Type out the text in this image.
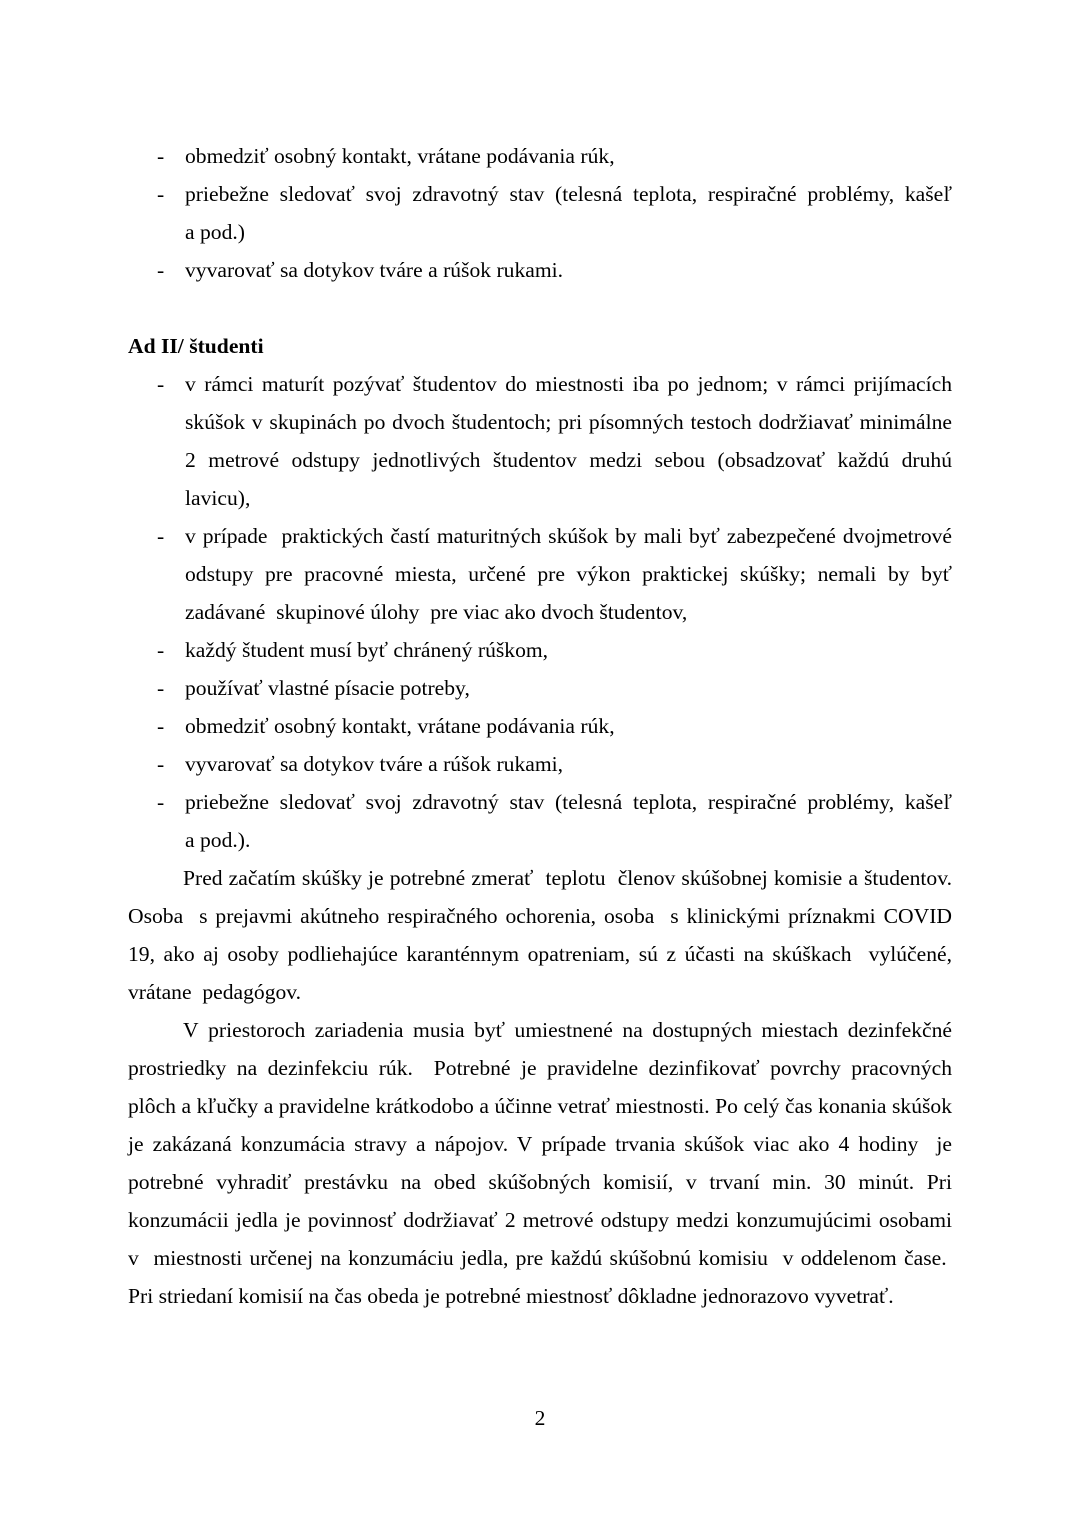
- obmedziť osobný kontakt, vrátane podávania rúk,
- priebežne sledovať svoj zdravotný stav (telesná teplota, respiračné problémy, kašeľ a pod.)
- vyvarovať sa dotykov tváre a rúšok rukami.
Ad II/ študenti
- v rámci maturít pozývať študentov do miestnosti iba po jednom; v rámci prijímacích skúšok v skupinách po dvoch študentoch; pri písomných testoch dodržiavať minimálne 2 metrové odstupy jednotlivých študentov medzi sebou (obsadzovať každú druhú lavicu),
- v prípade  praktických častí maturitných skúšok by mali byť zabezpečené dvojmetrové odstupy pre pracovné miesta, určené pre výkon praktickej skúšky; nemali by byť zadávané  skupinové úlohy  pre viac ako dvoch študentov,
- každý študent musí byť chránený rúškom,
- používať vlastné písacie potreby,
- obmedziť osobný kontakt, vrátane podávania rúk,
- vyvarovať sa dotykov tváre a rúšok rukami,
- priebežne sledovať svoj zdravotný stav (telesná teplota, respiračné problémy, kašeľ a pod.).

Pred začatím skúšky je potrebné zmerať  teplotu  členov skúšobnej komisie a študentov. Osoba  s prejavmi akútneho respiračného ochorenia, osoba  s klinickými príznakmi COVID 19, ako aj osoby podliehajúce karanténnym opatreniam, sú z účasti na skúškach  vylúčené, vrátane  pedagógov.

V priestoroch zariadenia musia byť umiestnené na dostupných miestach dezinfekčné prostriedky na dezinfekciu rúk.  Potrebné je pravidelne dezinfikovať povrchy pracovných plôch a kľučky a pravidelne krátkodobo a účinne vetrať miestnosti. Po celý čas konania skúšok je zakázaná konzumácia stravy a nápojov. V prípade trvania skúšok viac ako 4 hodiny  je potrebné vyhradiť prestávku na obed skúšobných komisií, v trvaní min. 30 minút. Pri konzumácii jedla je povinnosť dodržiavať 2 metrové odstupy medzi konzumujúcimi osobami v  miestnosti určenej na konzumáciu jedla, pre každú skúšobnú komisiu  v oddelenom čase.  Pri striedaní komisií na čas obeda je potrebné miestnosť dôkladne jednorazovo vyvetrať.

2
